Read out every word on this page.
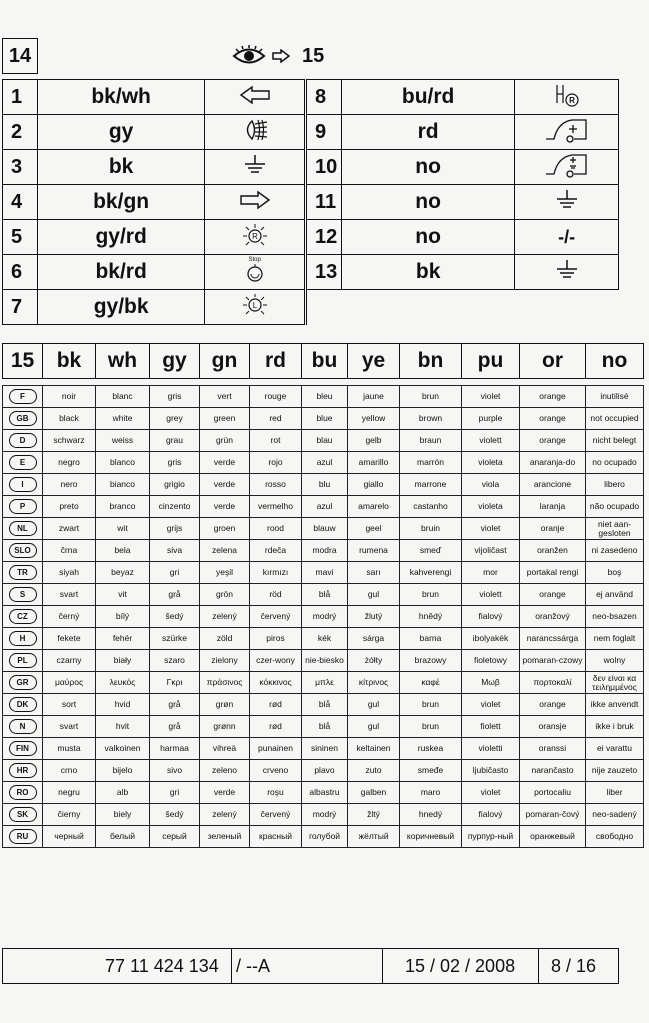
14	15
1	bk/wh	
2	gy	
3	bk	
4	bk/gn	
5	gy/rd	R

6	bk/rd	Stop

7	gy/bk	L
8	bu/rd	R

9	rd	
10	no	
11	no	
12	no	-/-
13	bk	

15	bk	wh	gy	gn	rd	bu	ye	bn	pu	or	no

F	noir	blanc	gris	vert	rouge	bleu	jaune	brun	violet	orange	inutilisé
GB	black	white	grey	green	red	blue	yellow	brown	purple	orange	not occupied
D	schwarz	weiss	grau	grün	rot	blau	gelb	braun	violett	orange	nicht belegt
E	negro	blanco	gris	verde	rojo	azul	amarillo	marrón	violeta	anaranja-do	no ocupado
I	nero	bianco	grigio	verde	rosso	blu	giallo	marrone	viola	arancione	libero
P	preto	branco	cinzento	verde	vermelho	azul	amarelo	castanho	violeta	laranja	não ocupado
NL	zwart	wit	grijs	groen	rood	blauw	geel	bruin	violet	oranje	niet aan-gesloten
SLO	črna	bela	siva	zelena	rdeča	modra	rumena	smeď	vijoličast	oranžen	ni zasedeno
TR	siyah	beyaz	gri	yeşil	kırmızı	mavi	sarı	kahverengi	mor	portakal rengi	boş
S	svart	vit	grå	grön	röd	blå	gul	brun	violett	orange	ej använd
CZ	černý	bílý	šedý	zelený	červený	modrý	žlutý	hnědý	fialový	oranžový	neo-bsazen
H	fekete	fehér	szürke	zöld	piros	kék	sárga	barna	ibolyakék	narancssárga	nem foglalt
PL	czarny	biały	szaro	zielony	czer-wony	nie-biesko	żółty	brazowy	fioletowy	pomaran-czowy	wolny
GR	μαύρος	λευκός	Γκρι	πράσινος	κόκκινος	μπλε	κίτρινος	καφέ	Μωβ	πορτοκαλί	δεν είναι κα τειλημμένος
DK	sort	hvid	grå	grøn	rød	blå	gul	brun	violet	orange	ikke anvendt
N	svart	hvit	grå	grønn	rød	blå	gul	brun	fiolett	oransje	ikke i bruk
FIN	musta	valkoinen	harmaa	vihreä	punainen	sininen	keltainen	ruskea	violetti	oranssi	ei varattu
HR	crno	bijelo	sivo	zeleno	crveno	plavo	zuto	smeđe	ljubičasto	narančasto	nije zauzeto
RO	negru	alb	gri	verde	roşu	albastru	galben	maro	violet	portocaliu	liber
SK	čierny	biely	šedý	zelený	červený	modrý	žltý	hnedý	fialový	pomaran-čový	neo-sadený
RU	черный	белый	серый	зеленый	красный	голубой	жёлтый	коричневый	пурпур-ный	оранжевый	свободно
77 11 424 134 / --A	15 / 02 / 2008 8 / 16
